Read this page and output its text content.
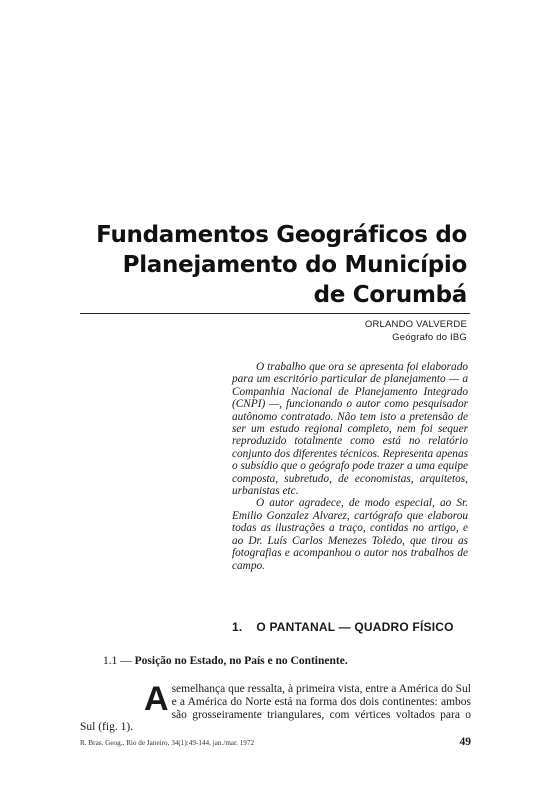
Fundamentos Geográficos do
Planejamento do Município
de Corumbá
ORLANDO VALVERDE
Geógrafo do IBG

O trabalho que ora se apresenta foi elaborado para um escritório particular de planejamento — a Companhia Nacional de Planejamento Integrado (CNPI) —, funcionando o autor como pesquisador autônomo contratado. Não tem isto a pretensão de ser um estudo regional completo, nem foi sequer reproduzido totalmente como está no relatório conjunto dos diferentes técnicos. Representa apenas o subsídio que o geógrafo pode trazer a uma equipe composta, subretudo, de economistas, arquitetos, urbanistas etc.

O autor agradece, de modo especial, ao Sr. Emilio Gonzalez Alvarez, cartógrafo que elaborou todas as ilustrações a traço, contidas no artigo, e ao Dr. Luís Carlos Menezes Toledo, que tirou as fotografias e acompanhou o autor nos trabalhos de campo.

1. O PANTANAL — QUADRO FÍSICO
1.1 — Posição no Estado, no País e no Continente.
A semelhança que ressalta, à primeira vista, entre a América do Sul e a América do Norte está na forma dos dois continentes: ambos são grosseiramente triangulares, com vértices voltados para o Sul (fig. 1).

R. Bras. Geog., Rio de Janeiro, 34(1):49-144, jan./mar. 1972	49
